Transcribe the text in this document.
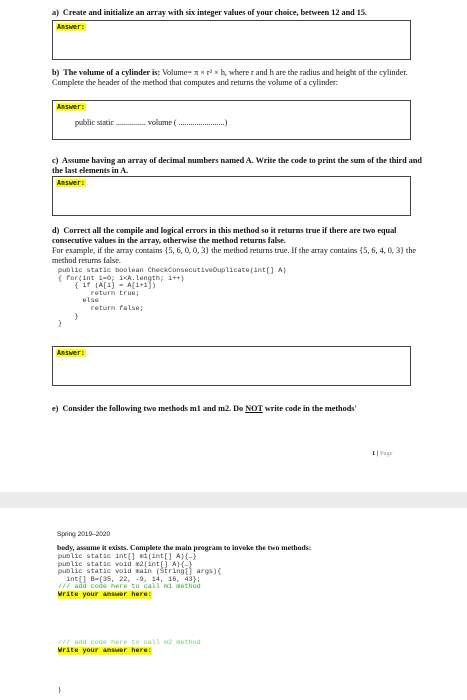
a) Create and initialize an array with six integer values of your choice, between 12 and 15.
Answer:
b) The volume of a cylinder is: Volume= π × r² × h, where r and h are the radius and height of the cylinder. Complete the header of the method that computes and returns the volume of a cylinder:
Answer:
public static ............... volume ( .......................)
c) Assume having an array of decimal numbers named A. Write the code to print the sum of the third and the last elements in A.
Answer:
d) Correct all the compile and logical errors in this method so it returns true if there are two equal consecutive values in the array, otherwise the method returns false.
For example, if the array contains {5, 6, 0, 0, 3} the method returns true. If the array contains {5, 6, 4, 0, 3} the method returns false.
public static boolean CheckConsecutiveDuplicate(int[] A)
{ for(int i=0; i<A.length; i++)
{ if (A[i] = A[i+1])
return true;
else
return false;
}
}
Answer:
e) Consider the following two methods m1 and m2. Do NOT write code in the methods'
1 | Page
Spring 2019–2020
body, assume it exists. Complete the main program to invoke the two methods:
public static int[] m1(int[] A){…}
public static void m2(int[] A){…}
public static void main (String[] args){
int[] B={35, 22, -9, 14, 16, 43};
/// add code here to call m1 method
Write your answer here:
/// add code here to call m2 method
Write your answer here:
}
